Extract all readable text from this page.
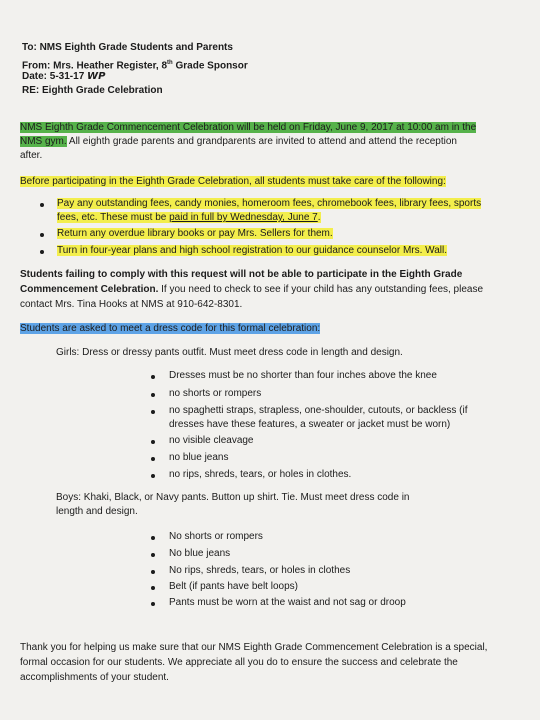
To: NMS Eighth Grade Students and Parents
From: Mrs. Heather Register, 8th Grade Sponsor
Date: 5-31-17 WP
RE: Eighth Grade Celebration
NMS Eighth Grade Commencement Celebration will be held on Friday, June 9, 2017 at 10:00 am in the
NMS gym. All eighth grade parents and grandparents are invited to attend and attend the reception
after.
Before participating in the Eighth Grade Celebration, all students must take care of the following:
Pay any outstanding fees, candy monies, homeroom fees, chromebook fees, library fees, sports
fees, etc. These must be paid in full by Wednesday, June 7.
Return any overdue library books or pay Mrs. Sellers for them.
Turn in four-year plans and high school registration to our guidance counselor Mrs. Wall.
Students failing to comply with this request will not be able to participate in the Eighth Grade
Commencement Celebration. If you need to check to see if your child has any outstanding fees, please
contact Mrs. Tina Hooks at NMS at 910-642-8301.
Students are asked to meet a dress code for this formal celebration:
Girls: Dress or dressy pants outfit. Must meet dress code in length and design.
Dresses must be no shorter than four inches above the knee
no shorts or rompers
no spaghetti straps, strapless, one-shoulder, cutouts, or backless (if
dresses have these features, a sweater or jacket must be worn)
no visible cleavage
no blue jeans
no rips, shreds, tears, or holes in clothes.
Boys: Khaki, Black, or Navy pants. Button up shirt. Tie. Must meet dress code in
length and design.
No shorts or rompers
No blue jeans
No rips, shreds, tears, or holes in clothes
Belt (if pants have belt loops)
Pants must be worn at the waist and not sag or droop
Thank you for helping us make sure that our NMS Eighth Grade Commencement Celebration is a special,
formal occasion for our students. We appreciate all you do to ensure the success and celebrate the
accomplishments of your student.
